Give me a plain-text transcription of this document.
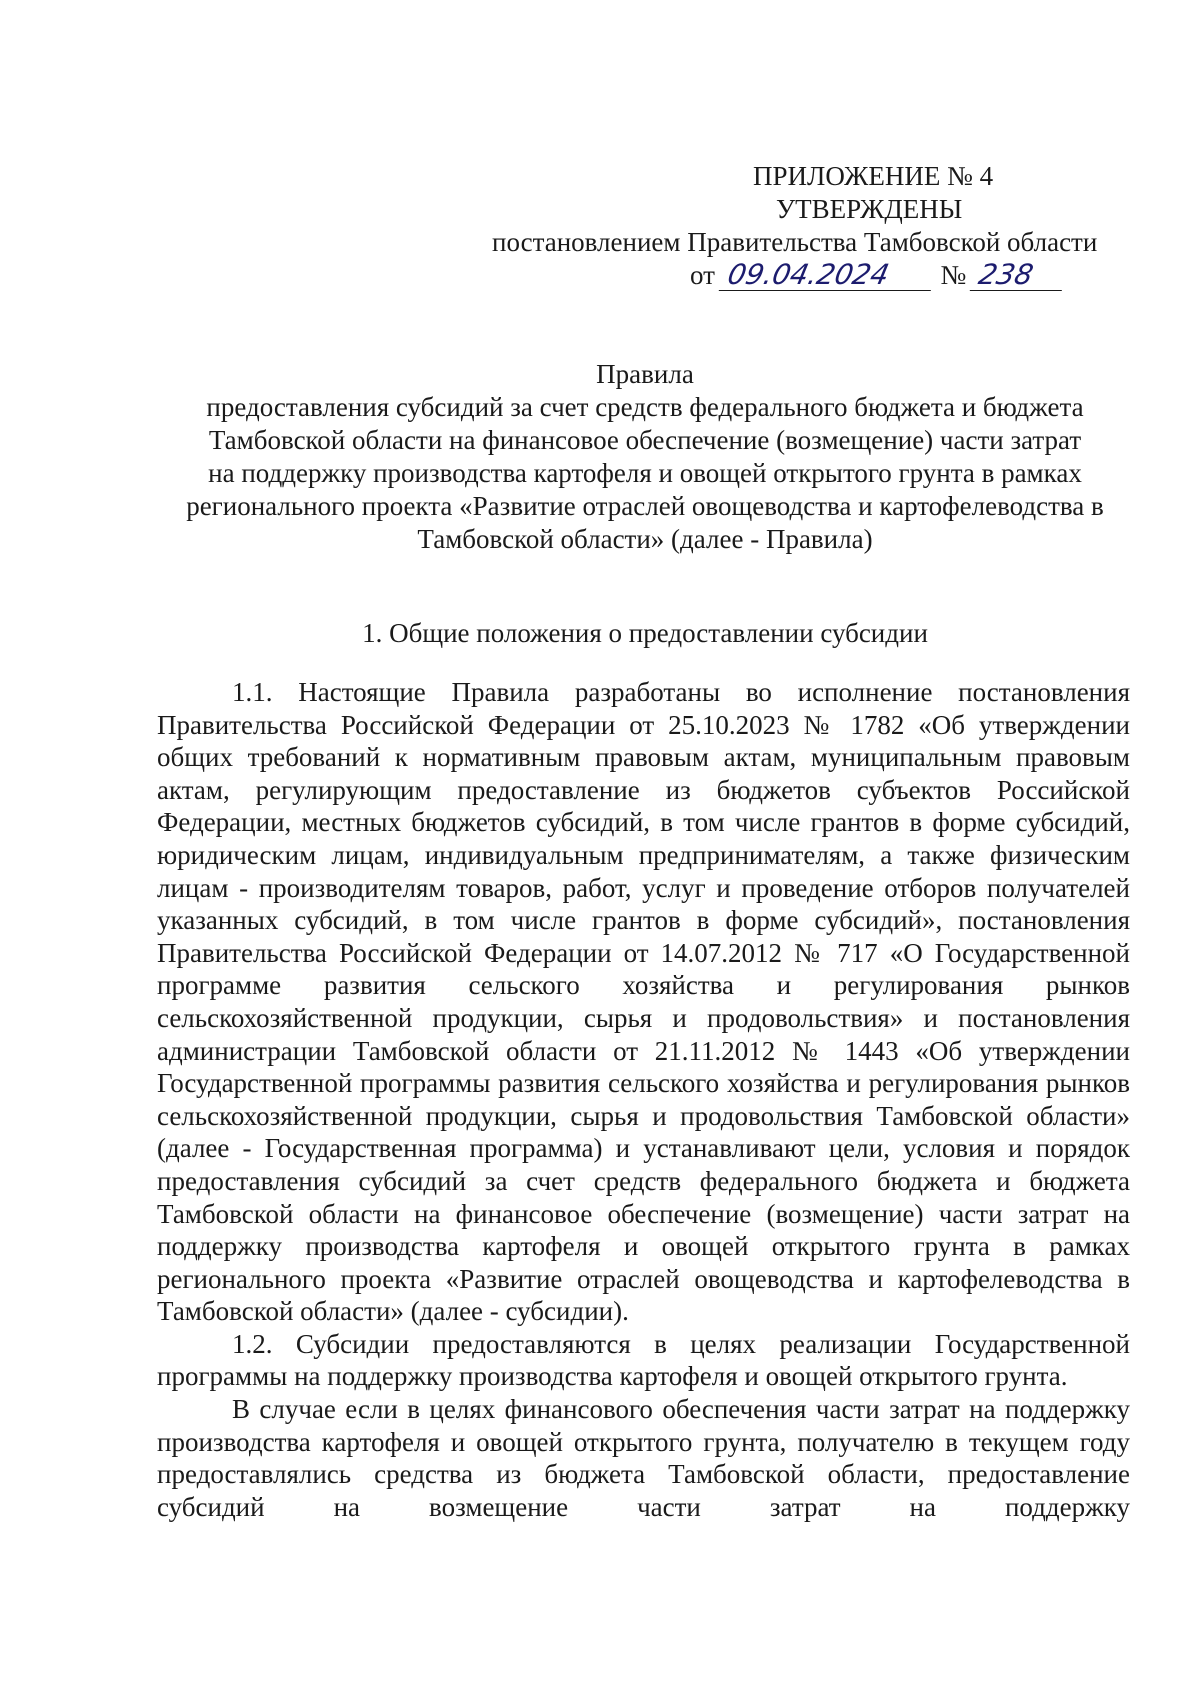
ПРИЛОЖЕНИЕ № 4
УТВЕРЖДЕНЫ
постановлением Правительства Тамбовской области
от 09.04.2024 № 238
Правила
предоставления субсидий за счет средств федерального бюджета и бюджета
Тамбовской области на финансовое обеспечение (возмещение) части затрат
на поддержку производства картофеля и овощей открытого грунта в рамках
регионального проекта «Развитие отраслей овощеводства и картофелеводства в
Тамбовской области» (далее - Правила)
1. Общие положения о предоставлении субсидии

1.1. Настоящие Правила разработаны во исполнение постановления Правительства Российской Федерации от 25.10.2023 № 1782 «Об утверждении общих требований к нормативным правовым актам, муниципальным правовым актам, регулирующим предоставление из бюджетов субъектов Российской Федерации, местных бюджетов субсидий, в том числе грантов в форме субсидий, юридическим лицам, индивидуальным предпринимателям, а также физическим лицам - производителям товаров, работ, услуг и проведение отборов получателей указанных субсидий, в том числе грантов в форме субсидий», постановления Правительства Российской Федерации от 14.07.2012 № 717 «О Государственной программе развития сельского хозяйства и регулирования рынков сельскохозяйственной продукции, сырья и продовольствия» и постановления администрации Тамбовской области от 21.11.2012 № 1443 «Об утверждении Государственной программы развития сельского хозяйства и регулирования рынков сельскохозяйственной продукции, сырья и продовольствия Тамбовской области» (далее - Государственная программа) и устанавливают цели, условия и порядок предоставления субсидий за счет средств федерального бюджета и бюджета Тамбовской области на финансовое обеспечение (возмещение) части затрат на поддержку производства картофеля и овощей открытого грунта в рамках регионального проекта «Развитие отраслей овощеводства и картофелеводства в Тамбовской области» (далее - субсидии).

1.2. Субсидии предоставляются в целях реализации Государственной программы на поддержку производства картофеля и овощей открытого грунта.

В случае если в целях финансового обеспечения части затрат на поддержку производства картофеля и овощей открытого грунта, получателю в текущем году предоставлялись средства из бюджета Тамбовской области, предоставление субсидий на возмещение части затрат на поддержку
